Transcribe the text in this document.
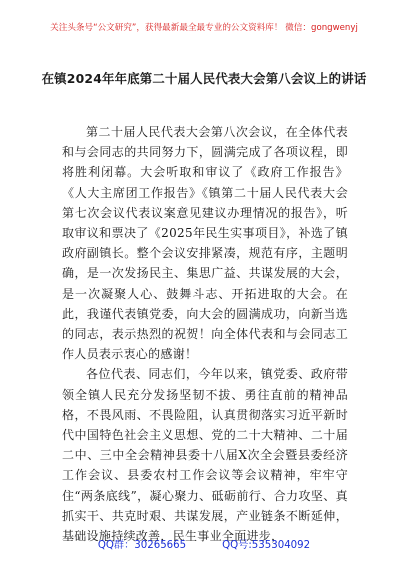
关注头条号“公文研究”，获得最新最全最专业的公文资料库！ 微信：gongwenyj
在镇2024年年底第二十届人民代表大会第八会议上的讲话

第二十届人民代表大会第八次会议，在全体代表和与会同志的共同努力下，圆满完成了各项议程，即将胜利闭幕。大会听取和审议了《政府工作报告》《人大主席团工作报告》《镇第二十届人民代表大会第七次会议代表议案意见建议办理情况的报告》，听取审议和票决了《2025年民生实事项目》，补选了镇政府副镇长。整个会议安排紧凑，规范有序，主题明确，是一次发扬民主、集思广益、共谋发展的大会，是一次凝聚人心、鼓舞斗志、开拓进取的大会。在此，我谨代表镇党委，向大会的圆满成功，向新当选的同志，表示热烈的祝贺！向全体代表和与会同志工作人员表示衷心的感谢！

各位代表、同志们，今年以来，镇党委、政府带领全镇人民充分发扬坚韧不拔、勇往直前的精神品格，不畏风雨、不畏险阻，认真贯彻落实习近平新时代中国特色社会主义思想、党的二十大精神、二十届二中、三中全会精神县委十八届X次全会暨县委经济工作会议、县委农村工作会议等会议精神，牢牢守住“两条底线”，凝心聚力、砥砺前行、合力攻坚、真抓实干、共克时艰、共谋发展，产业链条不断延伸，基础设施持续改善，民生事业全面进步，

QQ群：30265665	QQ号:535304092
